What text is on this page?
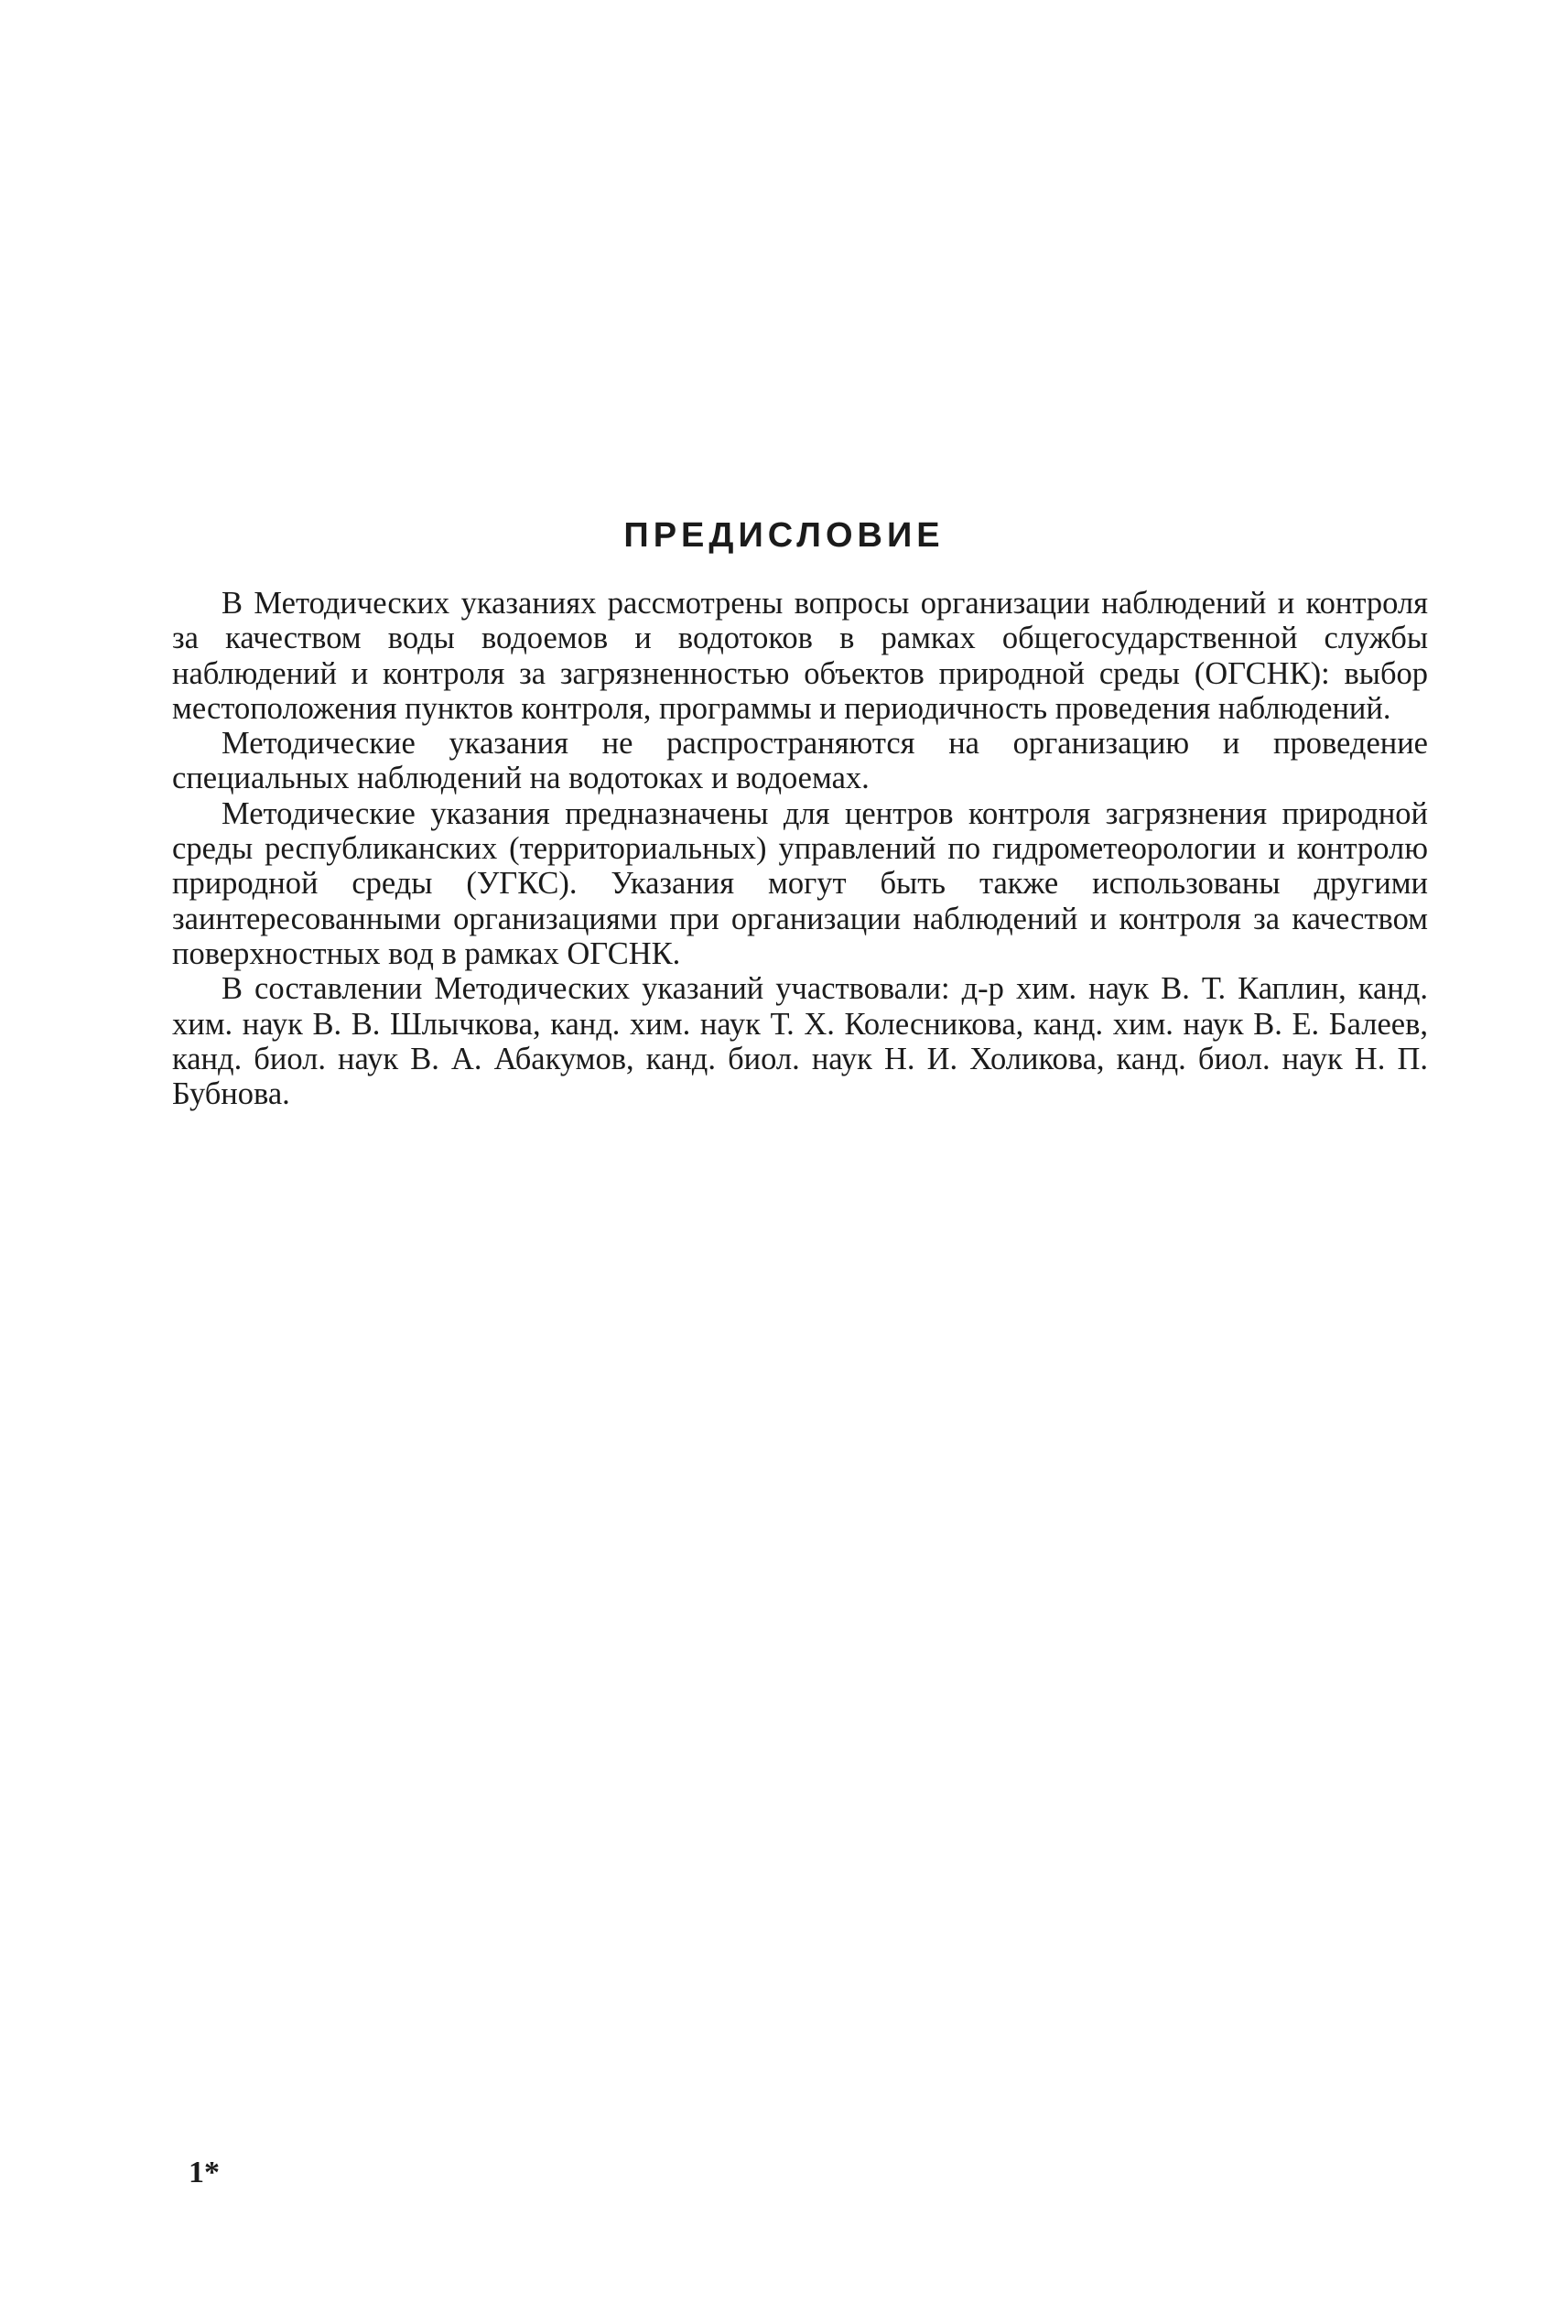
ПРЕДИСЛОВИЕ

В Методических указаниях рассмотрены вопросы организации наблюдений и контроля за качеством воды водоемов и водотоков в рамках общегосударственной службы наблюдений и контроля за загрязненностью объектов природной среды (ОГСНК): выбор местоположения пунктов контроля, программы и периодичность проведения наблюдений.

Методические указания не распространяются на организацию и проведение специальных наблюдений на водотоках и водоемах.

Методические указания предназначены для центров контроля загрязнения природной среды республиканских (территориальных) управлений по гидрометеорологии и контролю природной среды (УГКС). Указания могут быть также использованы другими заинтересованными организациями при организации наблюдений и контроля за качеством поверхностных вод в рамках ОГСНК.

В составлении Методических указаний участвовали: д-р хим. наук В. Т. Каплин, канд. хим. наук В. В. Шлычкова, канд. хим. наук Т. Х. Колесникова, канд. хим. наук В. Е. Балеев, канд. биол. наук В. А. Абакумов, канд. биол. наук Н. И. Холикова, канд. биол. наук Н. П. Бубнова.

1*
